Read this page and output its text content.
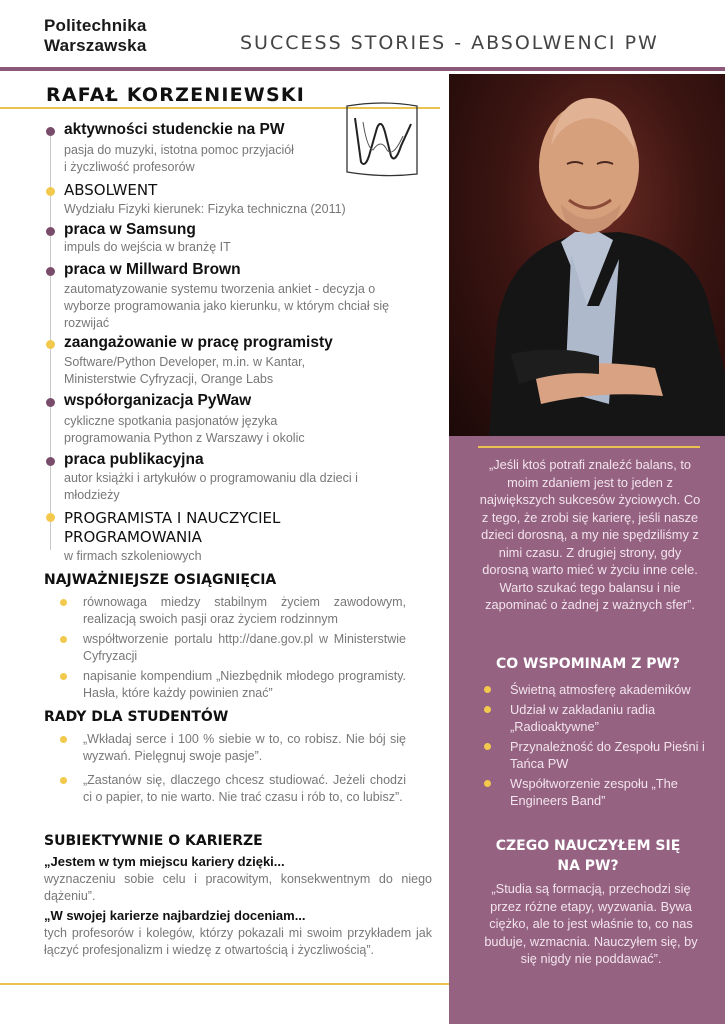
Politechnika
Warszawska	SUCCESS STORIES - ABSOLWENCI PW
RAFAŁ KORZENIEWSKI
aktywności studenckie na PW
pasja do muzyki, istotna pomoc przyjaciół i życzliwość profesorów
ABSOLWENT
Wydziału Fizyki kierunek: Fizyka techniczna (2011)
praca w Samsung
impuls do wejścia w branżę IT
praca w Millward Brown
zautomatyzowanie systemu tworzenia ankiet - decyzja o wyborze programowania jako kierunku, w którym chciał się rozwijać
zaangażowanie w pracę programisty
Software/Python Developer, m.in. w Kantar, Ministerstwie Cyfryzacji, Orange Labs
współorganizacja PyWaw
cykliczne spotkania pasjonatów języka programowania Python z Warszawy i okolic
praca publikacyjna
autor książki i artykułów o programowaniu dla dzieci i młodzieży
PROGRAMISTA I NAUCZYCIEL PROGRAMOWANIA
w firmach szkoleniowych
NAJWAŻNIEJSZE OSIĄGNIĘCIA
równowaga miedzy stabilnym życiem zawodowym, realizacją swoich pasji oraz życiem rodzinnym
współtworzenie portalu http://dane.gov.pl w Ministerstwie Cyfryzacji
napisanie kompendium „Niezbędnik młodego programisty. Hasła, które każdy powinien znać”
RADY DLA STUDENTÓW
„Wkładaj serce i 100 % siebie w to, co robisz. Nie bój się wyzwań. Pielęgnuj swoje pasje”.
„Zastanów się, dlaczego chcesz studiować. Jeżeli chodzi ci o papier, to nie warto. Nie trać czasu i rób to, co lubisz”.
SUBIEKTYWNIE O KARIERZE
„Jestem w tym miejscu kariery dzięki...
wyznaczeniu sobie celu i pracowitym, konsekwentnym do niego dążeniu”.
„W swojej karierze najbardziej doceniam...
tych profesorów i kolegów, którzy pokazali mi swoim przykładem jak łączyć profesjonalizm i wiedzę z otwartością i życzliwością”.
„Jeśli ktoś potrafi znaleźć balans, to moim zdaniem jest to jeden z największych sukcesów życiowych. Co z tego, że zrobi się karierę, jeśli nasze dzieci dorosną, a my nie spędziliśmy z nimi czasu. Z drugiej strony, gdy dorosną warto mieć w życiu inne cele. Warto szukać tego balansu i nie zapominać o żadnej z ważnych sfer”.
CO WSPOMINAM Z PW?
Świetną atmosferę akademików
Udział w zakładaniu radia „Radioaktywne”
Przynależność do Zespołu Pieśni i Tańca PW
Współtworzenie zespołu „The Engineers Band”
CZEGO NAUCZYŁEM SIĘ NA PW?
„Studia są formacją, przechodzi się przez różne etapy, wyzwania. Bywa ciężko, ale to jest właśnie to, co nas buduje, wzmacnia. Nauczyłem się, by się nigdy nie poddawać”.
